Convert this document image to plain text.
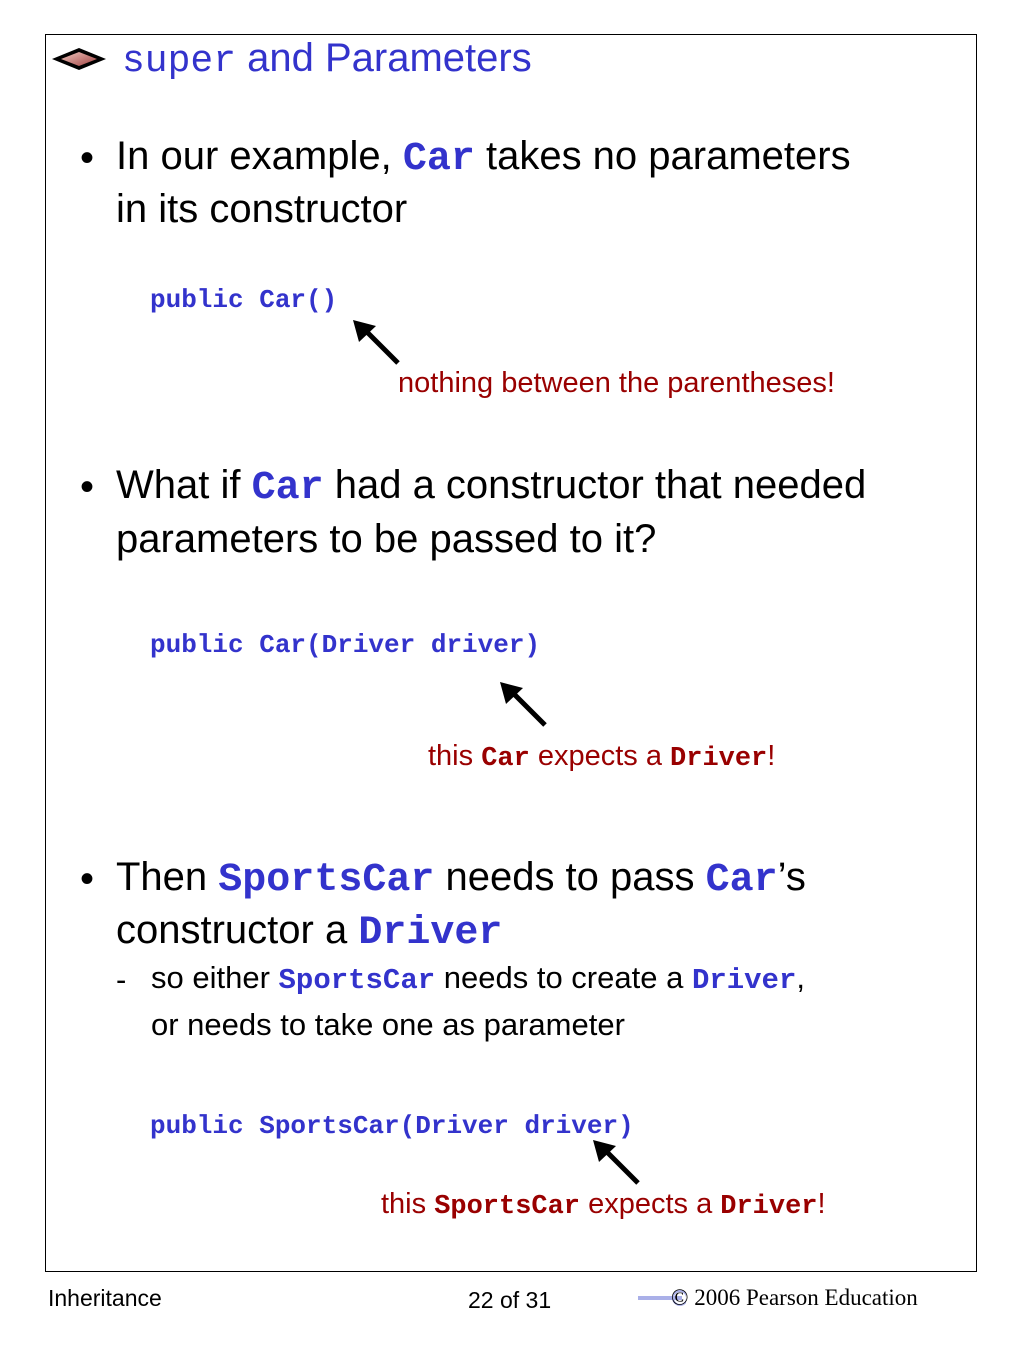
super and Parameters
• In our example, Car takes no parameters
in its constructor
public Car()
nothing between the parentheses!
• What if Car had a constructor that needed
parameters to be passed to it?
public Car(Driver driver)
this Car expects a Driver!
• Then SportsCar needs to pass Car’s
constructor a Driver
- so either SportsCar needs to create a Driver,
or needs to take one as parameter
public SportsCar(Driver driver)
this SportsCar expects a Driver!
Inheritance	22 of 31	© 2006 Pearson Education
